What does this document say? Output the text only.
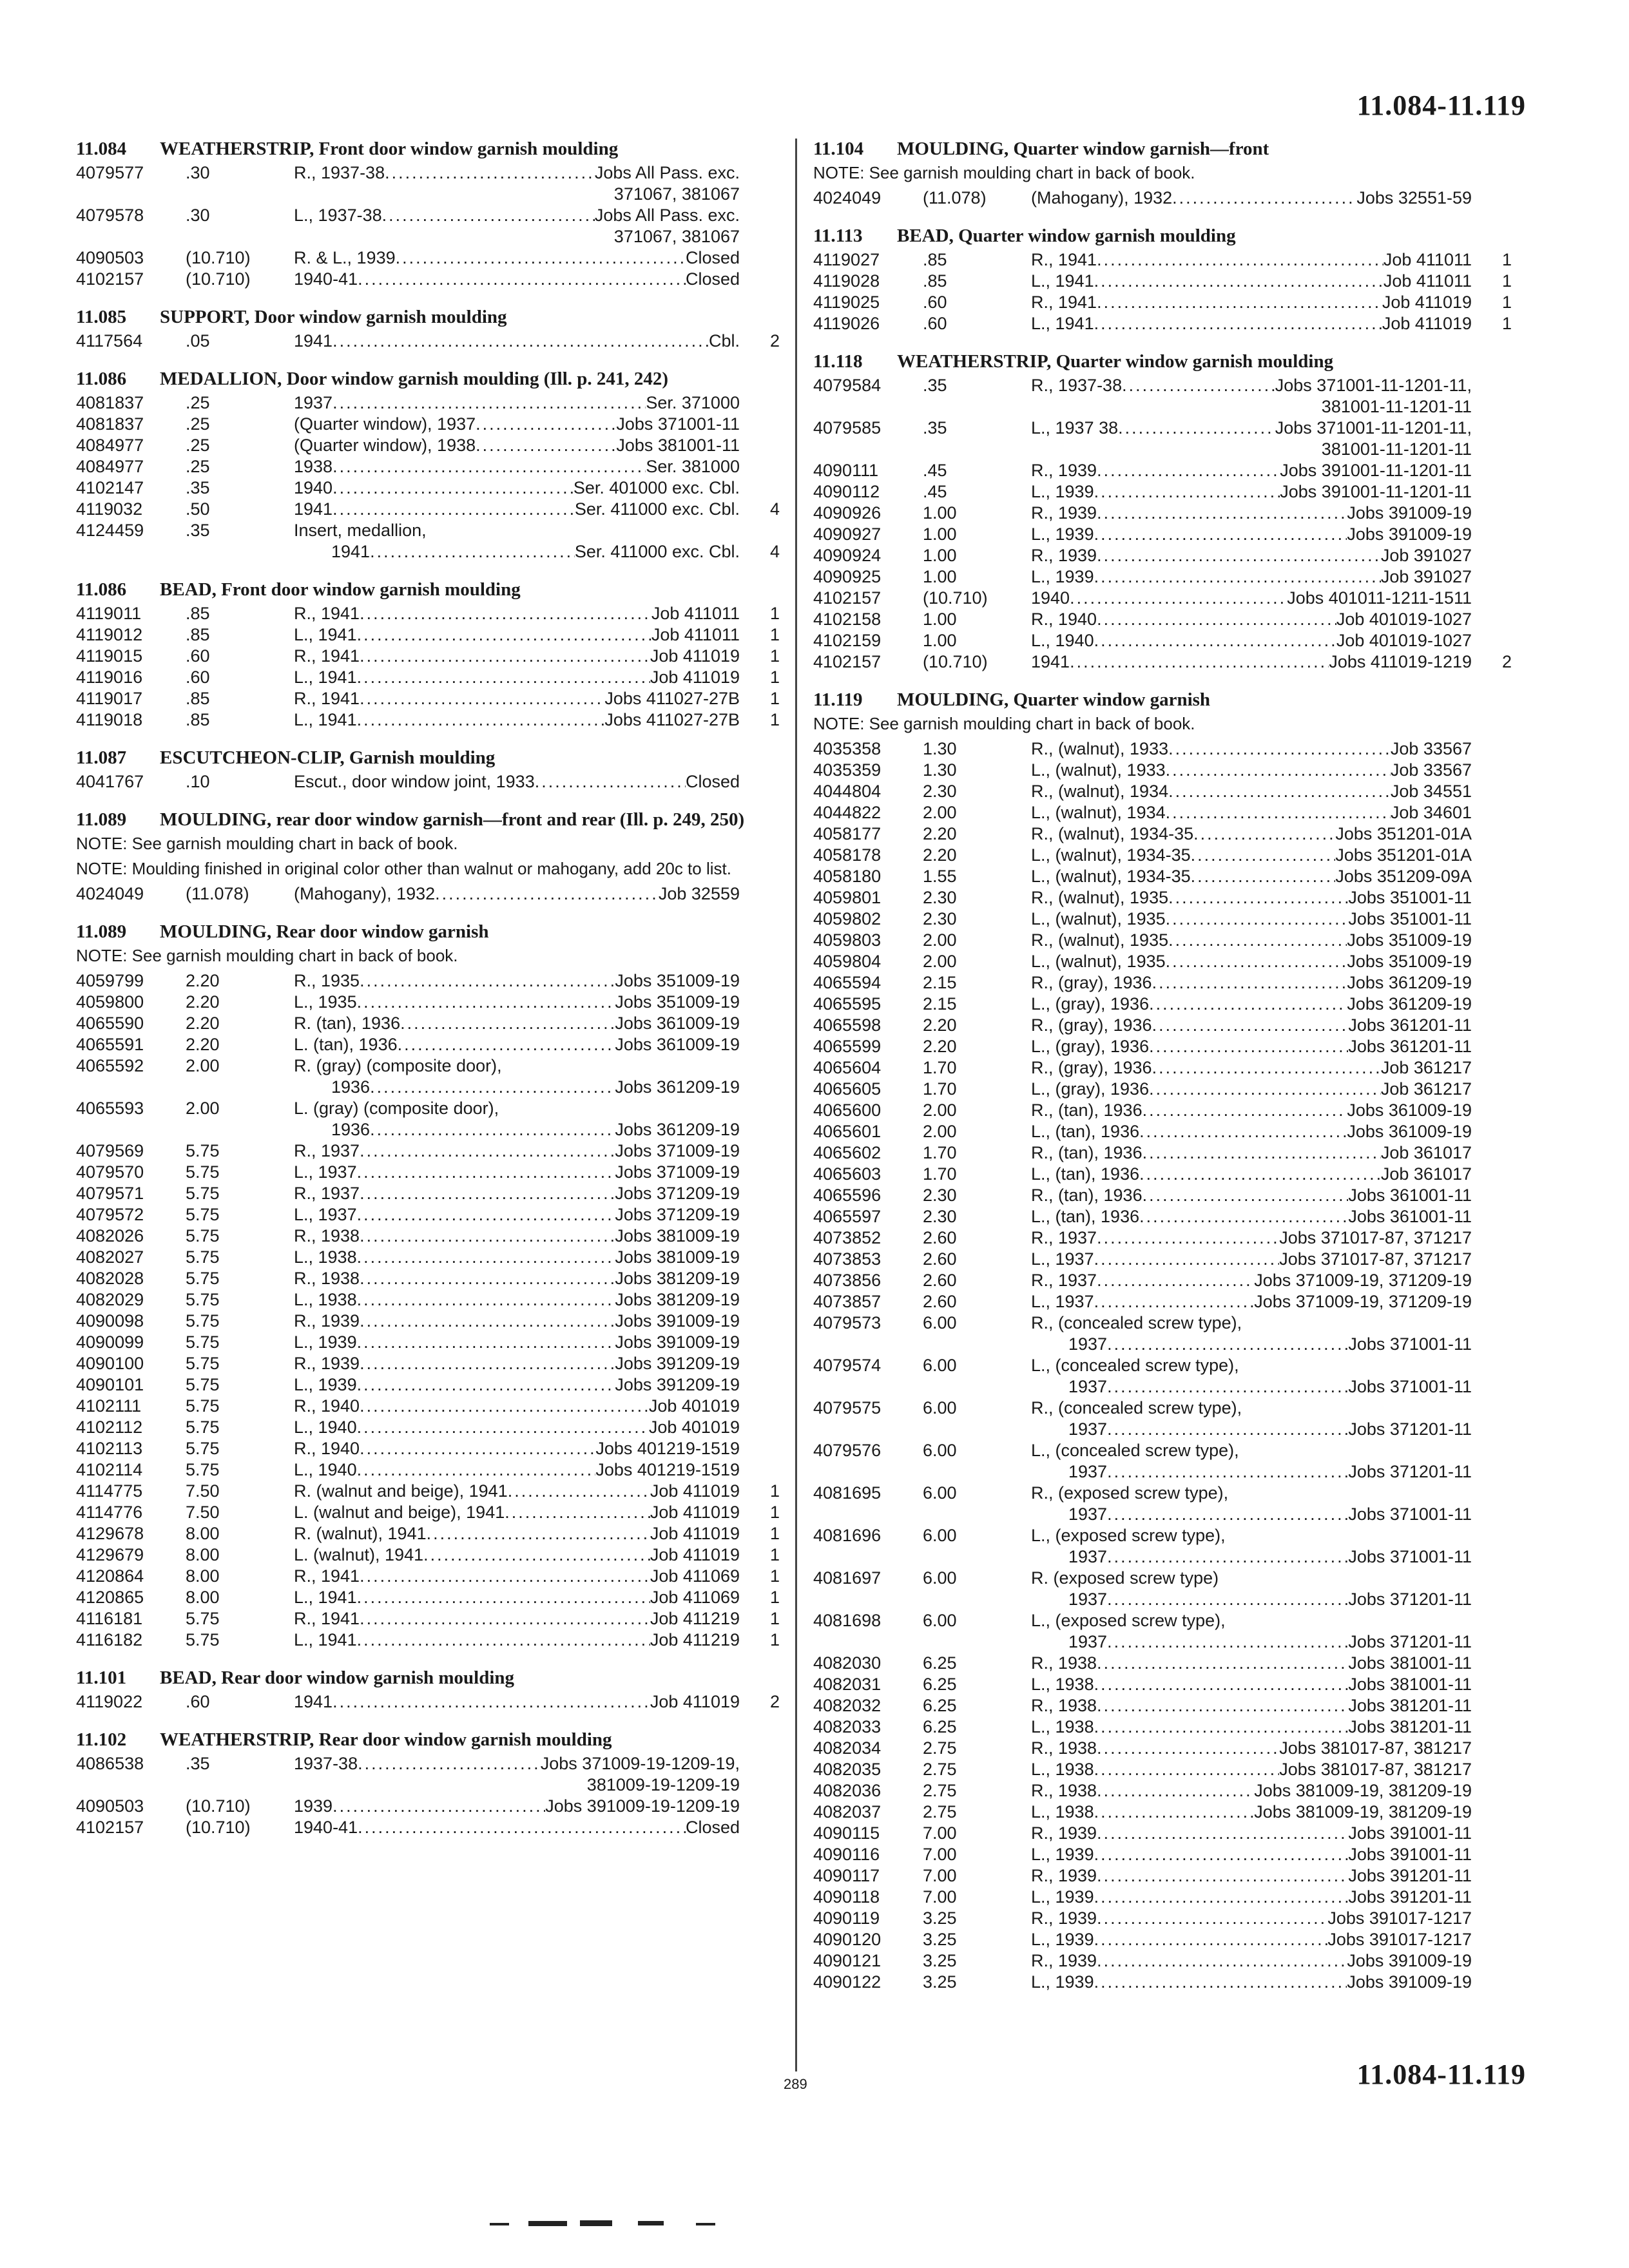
11.084-11.119
11.084	WEATHERSTRIP, Front door window garnish moulding
4079577	.30	R., 1937-38 .....	Jobs All Pass. exc.
371067, 381067
4079578	.30	L., 1937-38 .....	Jobs All Pass. exc.
371067, 381067
4090503	(10.710)	R. & L., 1939 .....	Closed
4102157	(10.710)	1940-41 .....	Closed
11.085	SUPPORT, Door window garnish moulding
4117564	.05	1941 .....	Cbl.	2
11.086	MEDALLION, Door window garnish moulding (Ill. p. 241, 242)
4081837	.25	1937 .....	Ser. 371000
4081837	.25	(Quarter window), 1937 .....	Jobs 371001-11
4084977	.25	(Quarter window), 1938 .....	Jobs 381001-11
4084977	.25	1938 .....	Ser. 381000
4102147	.35	1940 .....	Ser. 401000 exc. Cbl.
4119032	.50	1941 .....	Ser. 411000 exc. Cbl.	4
4124459	.35	Insert, medallion,
1941 .....	Ser. 411000 exc. Cbl.	4
11.086	BEAD, Front door window garnish moulding
4119011	.85	R., 1941 .....	Job 411011	1
4119012	.85	L., 1941 .....	Job 411011	1
4119015	.60	R., 1941 .....	Job 411019	1
4119016	.60	L., 1941 .....	Job 411019	1
4119017	.85	R., 1941 .....	Jobs 411027-27B	1
4119018	.85	L., 1941 .....	Jobs 411027-27B	1
11.087	ESCUTCHEON-CLIP, Garnish moulding
4041767	.10	Escut., door window joint, 1933 .....	Closed
11.089	MOULDING, rear door window garnish—front and rear (Ill. p. 249, 250)
NOTE: See garnish moulding chart in back of book.
NOTE: Moulding finished in original color other than walnut or mahogany, add 20c to list.
4024049	(11.078)	(Mahogany), 1932 .....	Job 32559
11.089	MOULDING, Rear door window garnish
NOTE: See garnish moulding chart in back of book.
4059799	2.20	R., 1935 .....	Jobs 351009-19
4059800	2.20	L., 1935 .....	Jobs 351009-19
4065590	2.20	R. (tan), 1936 .....	Jobs 361009-19
4065591	2.20	L. (tan), 1936 .....	Jobs 361009-19
4065592	2.00	R. (gray) (composite door),
1936 .....	Jobs 361209-19
4065593	2.00	L. (gray) (composite door),
1936 .....	Jobs 361209-19
4079569	5.75	R., 1937 .....	Jobs 371009-19
4079570	5.75	L., 1937 .....	Jobs 371009-19
4079571	5.75	R., 1937 .....	Jobs 371209-19
4079572	5.75	L., 1937 .....	Jobs 371209-19
4082026	5.75	R., 1938 .....	Jobs 381009-19
4082027	5.75	L., 1938 .....	Jobs 381009-19
4082028	5.75	R., 1938 .....	Jobs 381209-19
4082029	5.75	L., 1938 .....	Jobs 381209-19
4090098	5.75	R., 1939 .....	Jobs 391009-19
4090099	5.75	L., 1939 .....	Jobs 391009-19
4090100	5.75	R., 1939 .....	Jobs 391209-19
4090101	5.75	L., 1939 .....	Jobs 391209-19
4102111	5.75	R., 1940 .....	Job 401019
4102112	5.75	L., 1940 .....	Job 401019
4102113	5.75	R., 1940 .....	Jobs 401219-1519
4102114	5.75	L., 1940 .....	Jobs 401219-1519
4114775	7.50	R. (walnut and beige), 1941 .....	Job 411019	1
4114776	7.50	L. (walnut and beige), 1941 .....	Job 411019	1
4129678	8.00	R. (walnut), 1941 .....	Job 411019	1
4129679	8.00	L. (walnut), 1941 .....	Job 411019	1
4120864	8.00	R., 1941 .....	Job 411069	1
4120865	8.00	L., 1941 .....	Job 411069	1
4116181	5.75	R., 1941 .....	Job 411219	1
4116182	5.75	L., 1941 .....	Job 411219	1
11.101	BEAD, Rear door window garnish moulding
4119022	.60	1941 .....	Job 411019	2
11.102	WEATHERSTRIP, Rear door window garnish moulding
4086538	.35	1937-38 .....	Jobs 371009-19-1209-19,
381009-19-1209-19
4090503	(10.710)	1939 .....	Jobs 391009-19-1209-19
4102157	(10.710)	1940-41 .....	Closed
11.104	MOULDING, Quarter window garnish—front
NOTE: See garnish moulding chart in back of book.
4024049	(11.078)	(Mahogany), 1932 .....	Jobs 32551-59
11.113	BEAD, Quarter window garnish moulding
4119027	.85	R., 1941 .....	Job 411011	1
4119028	.85	L., 1941 .....	Job 411011	1
4119025	.60	R., 1941 .....	Job 411019	1
4119026	.60	L., 1941 .....	Job 411019	1
11.118	WEATHERSTRIP, Quarter window garnish moulding
4079584	.35	R., 1937-38 .....	Jobs 371001-11-1201-11,
381001-11-1201-11
4079585	.35	L., 1937 38 .....	Jobs 371001-11-1201-11,
381001-11-1201-11
4090111	.45	R., 1939 .....	Jobs 391001-11-1201-11
4090112	.45	L., 1939 .....	Jobs 391001-11-1201-11
4090926	1.00	R., 1939 .....	Jobs 391009-19
4090927	1.00	L., 1939 .....	Jobs 391009-19
4090924	1.00	R., 1939 .....	Job 391027
4090925	1.00	L., 1939 .....	Job 391027
4102157	(10.710)	1940 .....	Jobs 401011-1211-1511
4102158	1.00	R., 1940 .....	Job 401019-1027
4102159	1.00	L., 1940 .....	Job 401019-1027
4102157	(10.710)	1941 .....	Jobs 411019-1219	2
11.119	MOULDING, Quarter window garnish
NOTE: See garnish moulding chart in back of book.
4035358	1.30	R., (walnut), 1933 .....	Job 33567
4035359	1.30	L., (walnut), 1933 .....	Job 33567
4044804	2.30	R., (walnut), 1934 .....	Job 34551
4044822	2.00	L., (walnut), 1934 .....	Job 34601
4058177	2.20	R., (walnut), 1934-35 .....	Jobs 351201-01A
4058178	2.20	L., (walnut), 1934-35 .....	Jobs 351201-01A
4058180	1.55	L., (walnut), 1934-35 .....	Jobs 351209-09A
4059801	2.30	R., (walnut), 1935 .....	Jobs 351001-11
4059802	2.30	L., (walnut), 1935 .....	Jobs 351001-11
4059803	2.00	R., (walnut), 1935 .....	Jobs 351009-19
4059804	2.00	L., (walnut), 1935 .....	Jobs 351009-19
4065594	2.15	R., (gray), 1936 .....	Jobs 361209-19
4065595	2.15	L., (gray), 1936 .....	Jobs 361209-19
4065598	2.20	R., (gray), 1936 .....	Jobs 361201-11
4065599	2.20	L., (gray), 1936 .....	Jobs 361201-11
4065604	1.70	R., (gray), 1936 .....	Job 361217
4065605	1.70	L., (gray), 1936 .....	Job 361217
4065600	2.00	R., (tan), 1936 .....	Jobs 361009-19
4065601	2.00	L., (tan), 1936 .....	Jobs 361009-19
4065602	1.70	R., (tan), 1936 .....	Job 361017
4065603	1.70	L., (tan), 1936 .....	Job 361017
4065596	2.30	R., (tan), 1936 .....	Jobs 361001-11
4065597	2.30	L., (tan), 1936 .....	Jobs 361001-11
4073852	2.60	R., 1937 .....	Jobs 371017-87, 371217
4073853	2.60	L., 1937 .....	Jobs 371017-87, 371217
4073856	2.60	R., 1937 .....	Jobs 371009-19, 371209-19
4073857	2.60	L., 1937 .....	Jobs 371009-19, 371209-19
4079573	6.00	R., (concealed screw type),
1937 .....	Jobs 371001-11
4079574	6.00	L., (concealed screw type),
1937 .....	Jobs 371001-11
4079575	6.00	R., (concealed screw type),
1937 .....	Jobs 371201-11
4079576	6.00	L., (concealed screw type),
1937 .....	Jobs 371201-11
4081695	6.00	R., (exposed screw type),
1937 .....	Jobs 371001-11
4081696	6.00	L., (exposed screw type),
1937 .....	Jobs 371001-11
4081697	6.00	R. (exposed screw type)
1937 .....	Jobs 371201-11
4081698	6.00	L., (exposed screw type),
1937 .....	Jobs 371201-11
4082030	6.25	R., 1938 .....	Jobs 381001-11
4082031	6.25	L., 1938 .....	Jobs 381001-11
4082032	6.25	R., 1938 .....	Jobs 381201-11
4082033	6.25	L., 1938 .....	Jobs 381201-11
4082034	2.75	R., 1938 .....	Jobs 381017-87, 381217
4082035	2.75	L., 1938 .....	Jobs 381017-87, 381217
4082036	2.75	R., 1938 .....	Jobs 381009-19, 381209-19
4082037	2.75	L., 1938 .....	Jobs 381009-19, 381209-19
4090115	7.00	R., 1939 .....	Jobs 391001-11
4090116	7.00	L., 1939 .....	Jobs 391001-11
4090117	7.00	R., 1939 .....	Jobs 391201-11
4090118	7.00	L., 1939 .....	Jobs 391201-11
4090119	3.25	R., 1939 .....	Jobs 391017-1217
4090120	3.25	L., 1939 .....	Jobs 391017-1217
4090121	3.25	R., 1939 .....	Jobs 391009-19
4090122	3.25	L., 1939 .....	Jobs 391009-19
289	11.084-11.119
